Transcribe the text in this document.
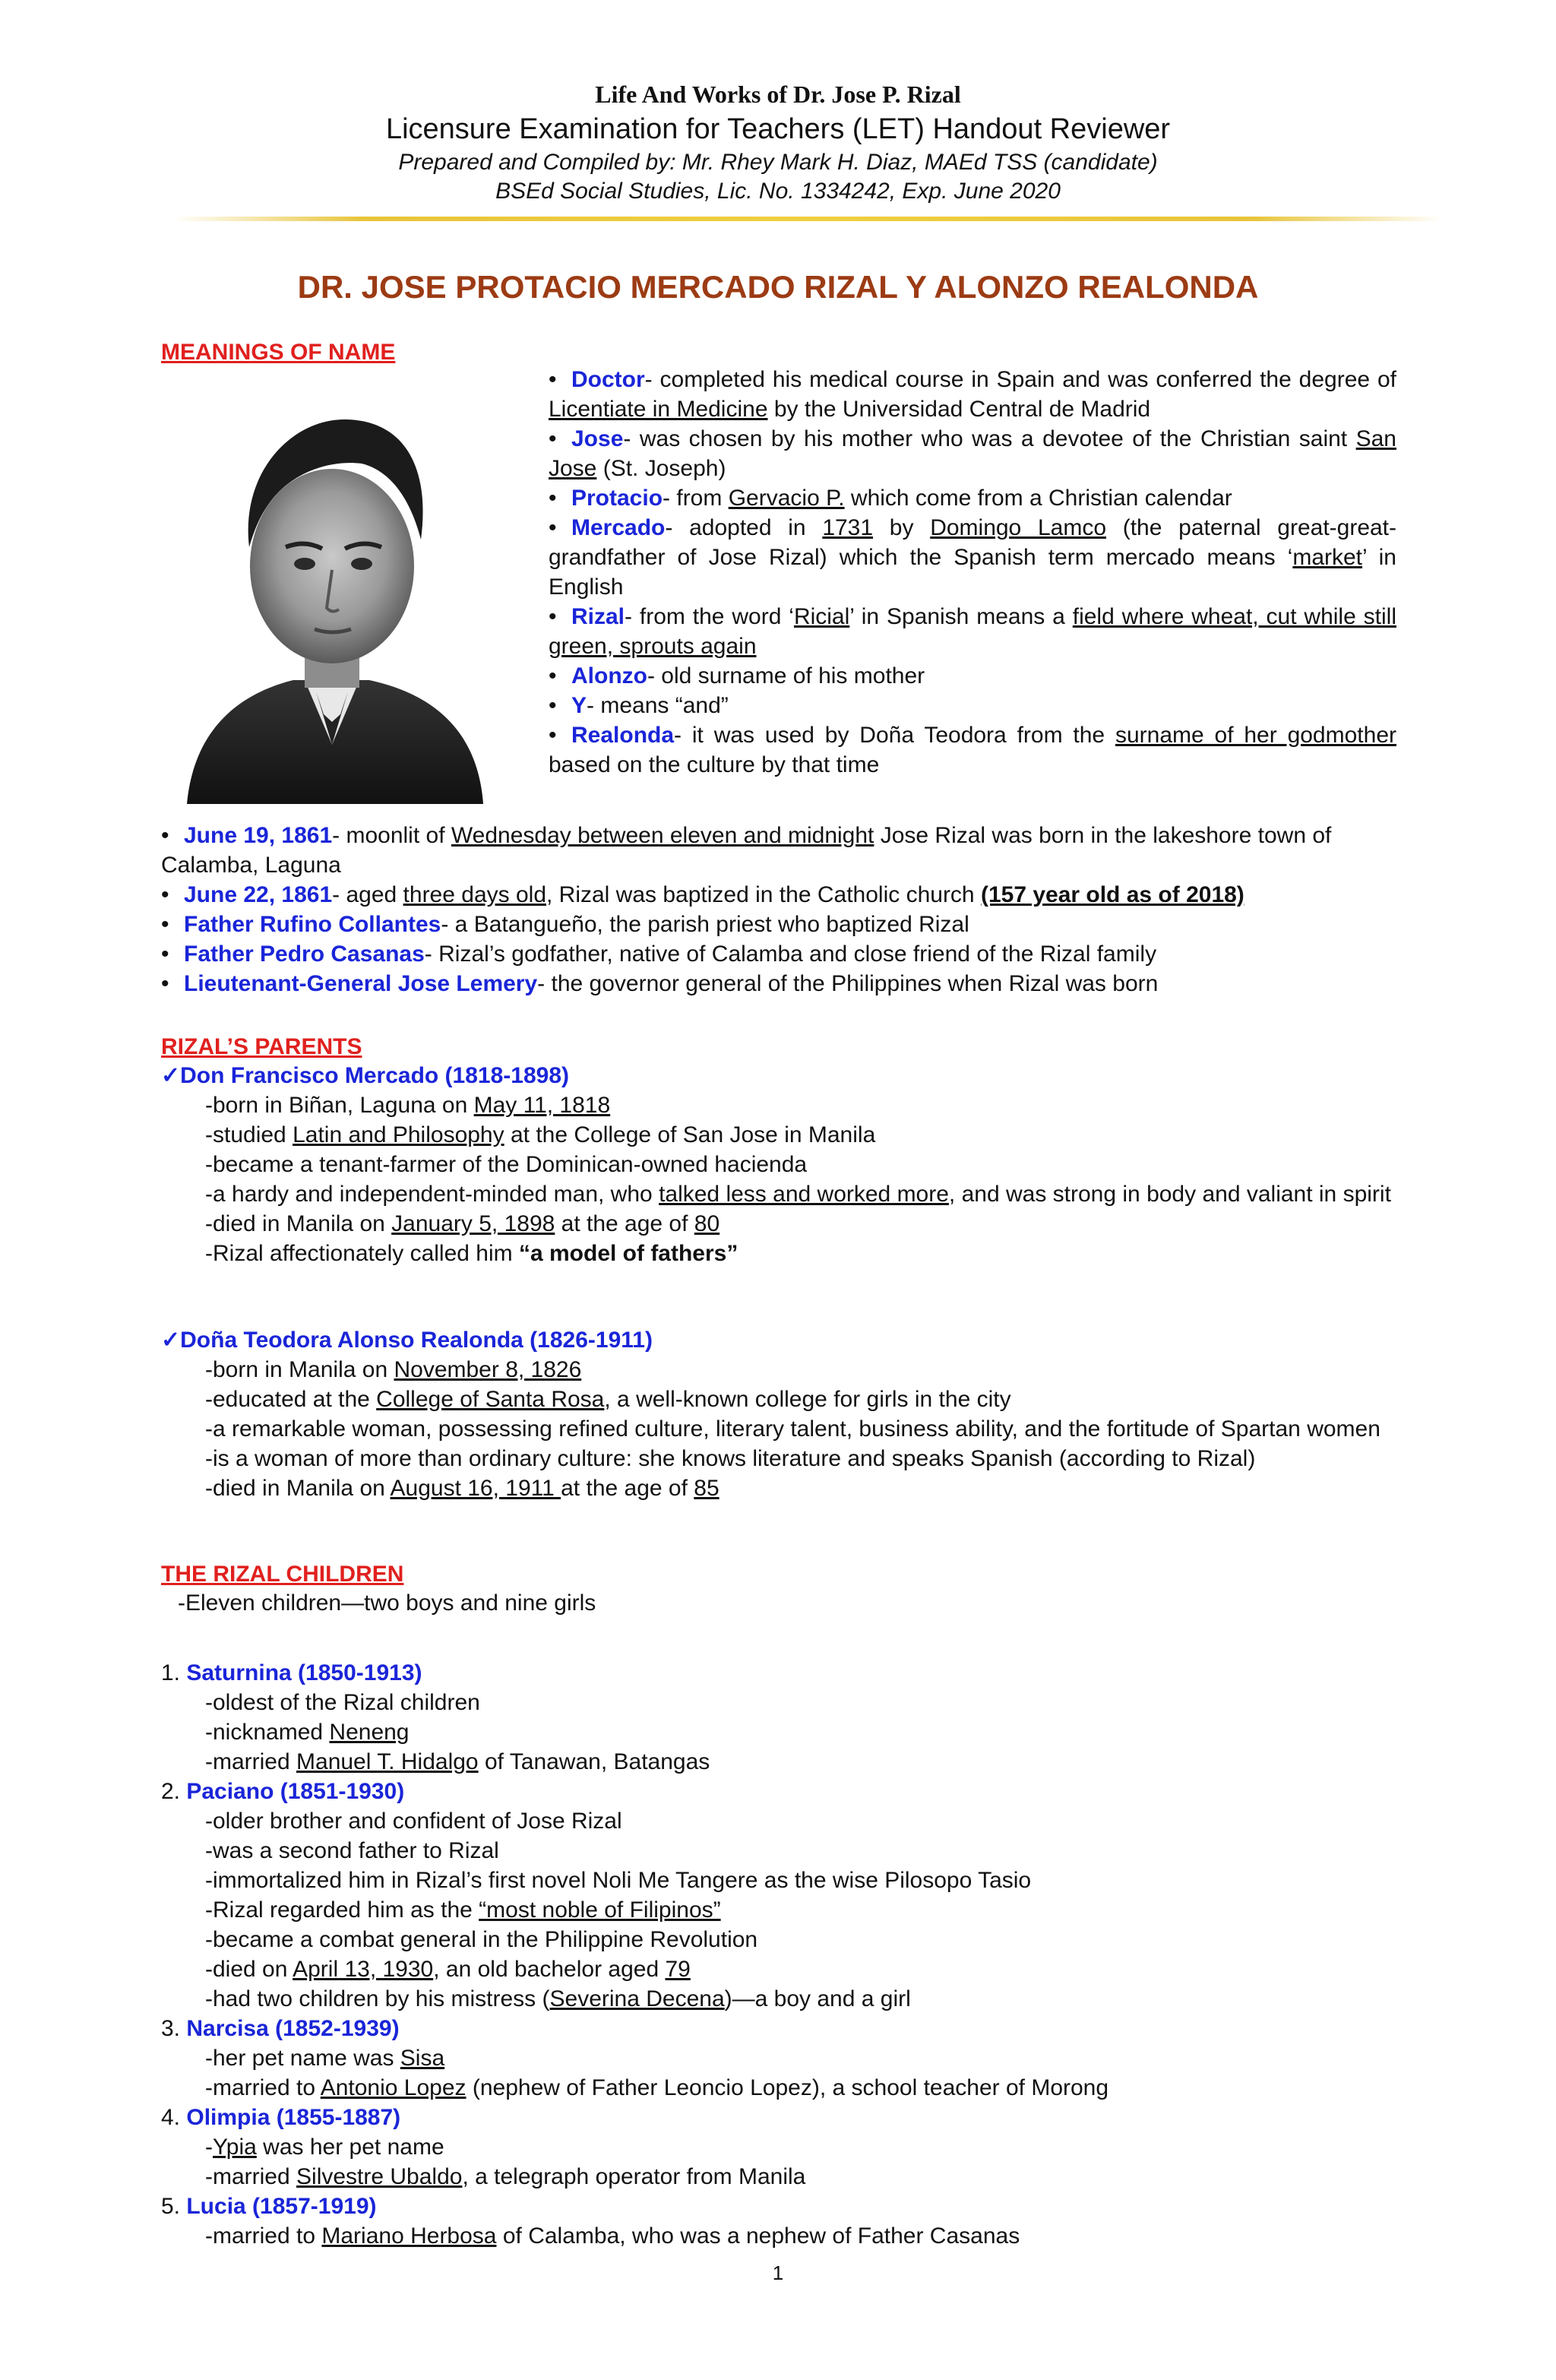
Life And Works of Dr. Jose P. Rizal
Licensure Examination for Teachers (LET) Handout Reviewer
Prepared and Compiled by: Mr. Rhey Mark H. Diaz, MAEd TSS (candidate)
BSEd Social Studies, Lic. No. 1334242, Exp. June 2020
DR. JOSE PROTACIO MERCADO RIZAL Y ALONZO REALONDA
MEANINGS OF NAME
• Doctor- completed his medical course in Spain and was conferred the degree of Licentiate in Medicine by the Universidad Central de Madrid
• Jose- was chosen by his mother who was a devotee of the Christian saint San Jose (St. Joseph)
• Protacio- from Gervacio P. which come from a Christian calendar
• Mercado- adopted in 1731 by Domingo Lamco (the paternal great-great-grandfather of Jose Rizal) which the Spanish term mercado means ‘market’ in English
• Rizal- from the word ‘Ricial’ in Spanish means a field where wheat, cut while still green, sprouts again
• Alonzo- old surname of his mother
• Y- means “and”
• Realonda- it was used by Doña Teodora from the surname of her godmother based on the culture by that time
• June 19, 1861- moonlit of Wednesday between eleven and midnight Jose Rizal was born in the lakeshore town of Calamba, Laguna
• June 22, 1861- aged three days old, Rizal was baptized in the Catholic church (157 year old as of 2018)
• Father Rufino Collantes- a Batangueño, the parish priest who baptized Rizal
• Father Pedro Casanas- Rizal’s godfather, native of Calamba and close friend of the Rizal family
• Lieutenant-General Jose Lemery- the governor general of the Philippines when Rizal was born
RIZAL’S PARENTS
✓Don Francisco Mercado (1818-1898)
-born in Biñan, Laguna on May 11, 1818
-studied Latin and Philosophy at the College of San Jose in Manila
-became a tenant-farmer of the Dominican-owned hacienda
-a hardy and independent-minded man, who talked less and worked more, and was strong in body and valiant in spirit
-died in Manila on January 5, 1898 at the age of 80
-Rizal affectionately called him “a model of fathers”
✓Doña Teodora Alonso Realonda (1826-1911)
-born in Manila on November 8, 1826
-educated at the College of Santa Rosa, a well-known college for girls in the city
-a remarkable woman, possessing refined culture, literary talent, business ability, and the fortitude of Spartan women
-is a woman of more than ordinary culture: she knows literature and speaks Spanish (according to Rizal)
-died in Manila on August 16, 1911 at the age of 85
THE RIZAL CHILDREN
-Eleven children—two boys and nine girls
1. Saturnina (1850-1913)
-oldest of the Rizal children
-nicknamed Neneng
-married Manuel T. Hidalgo of Tanawan, Batangas
2. Paciano (1851-1930)
-older brother and confident of Jose Rizal
-was a second father to Rizal
-immortalized him in Rizal’s first novel Noli Me Tangere as the wise Pilosopo Tasio
-Rizal regarded him as the “most noble of Filipinos”
-became a combat general in the Philippine Revolution
-died on April 13, 1930, an old bachelor aged 79
-had two children by his mistress (Severina Decena)—a boy and a girl
3. Narcisa (1852-1939)
-her pet name was Sisa
-married to Antonio Lopez (nephew of Father Leoncio Lopez), a school teacher of Morong
4. Olimpia (1855-1887)
-Ypia was her pet name
-married Silvestre Ubaldo, a telegraph operator from Manila
5. Lucia (1857-1919)
-married to Mariano Herbosa of Calamba, who was a nephew of Father Casanas
1
